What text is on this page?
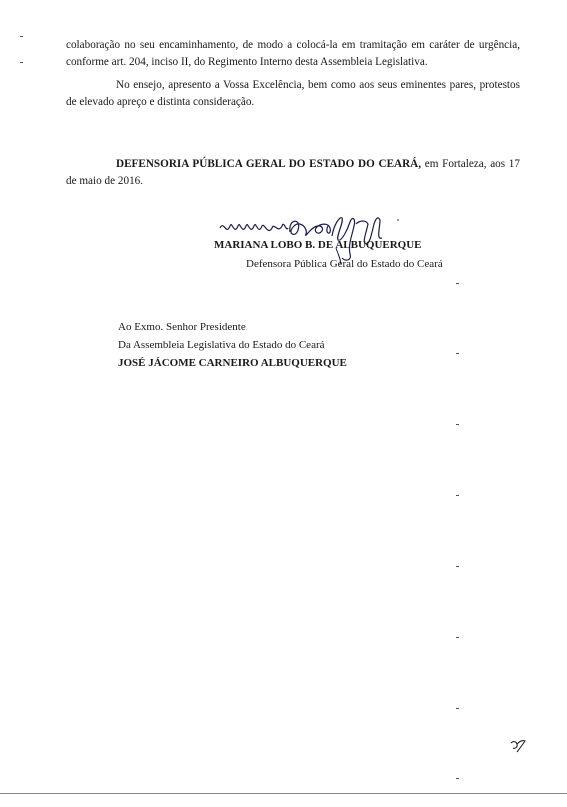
colaboração no seu encaminhamento, de modo a colocá-la em tramitação em caráter de urgência,
conforme art. 204, inciso II, do Regimento Interno desta Assembleia Legislativa.

No ensejo, apresento a Vossa Excelência, bem como aos seus eminentes pares, protestos
de elevado apreço e distinta consideração.

DEFENSORIA PÚBLICA GERAL DO ESTADO DO CEARÁ, em Fortaleza, aos 17
de maio de 2016.

MARIANA LOBO B. DE ALBUQUERQUE
Defensora Pública Geral do Estado do Ceará
Ao Exmo. Senhor Presidente
Da Assembleia Legislativa do Estado do Ceará
JOSÉ JÁCOME CARNEIRO ALBUQUERQUE
